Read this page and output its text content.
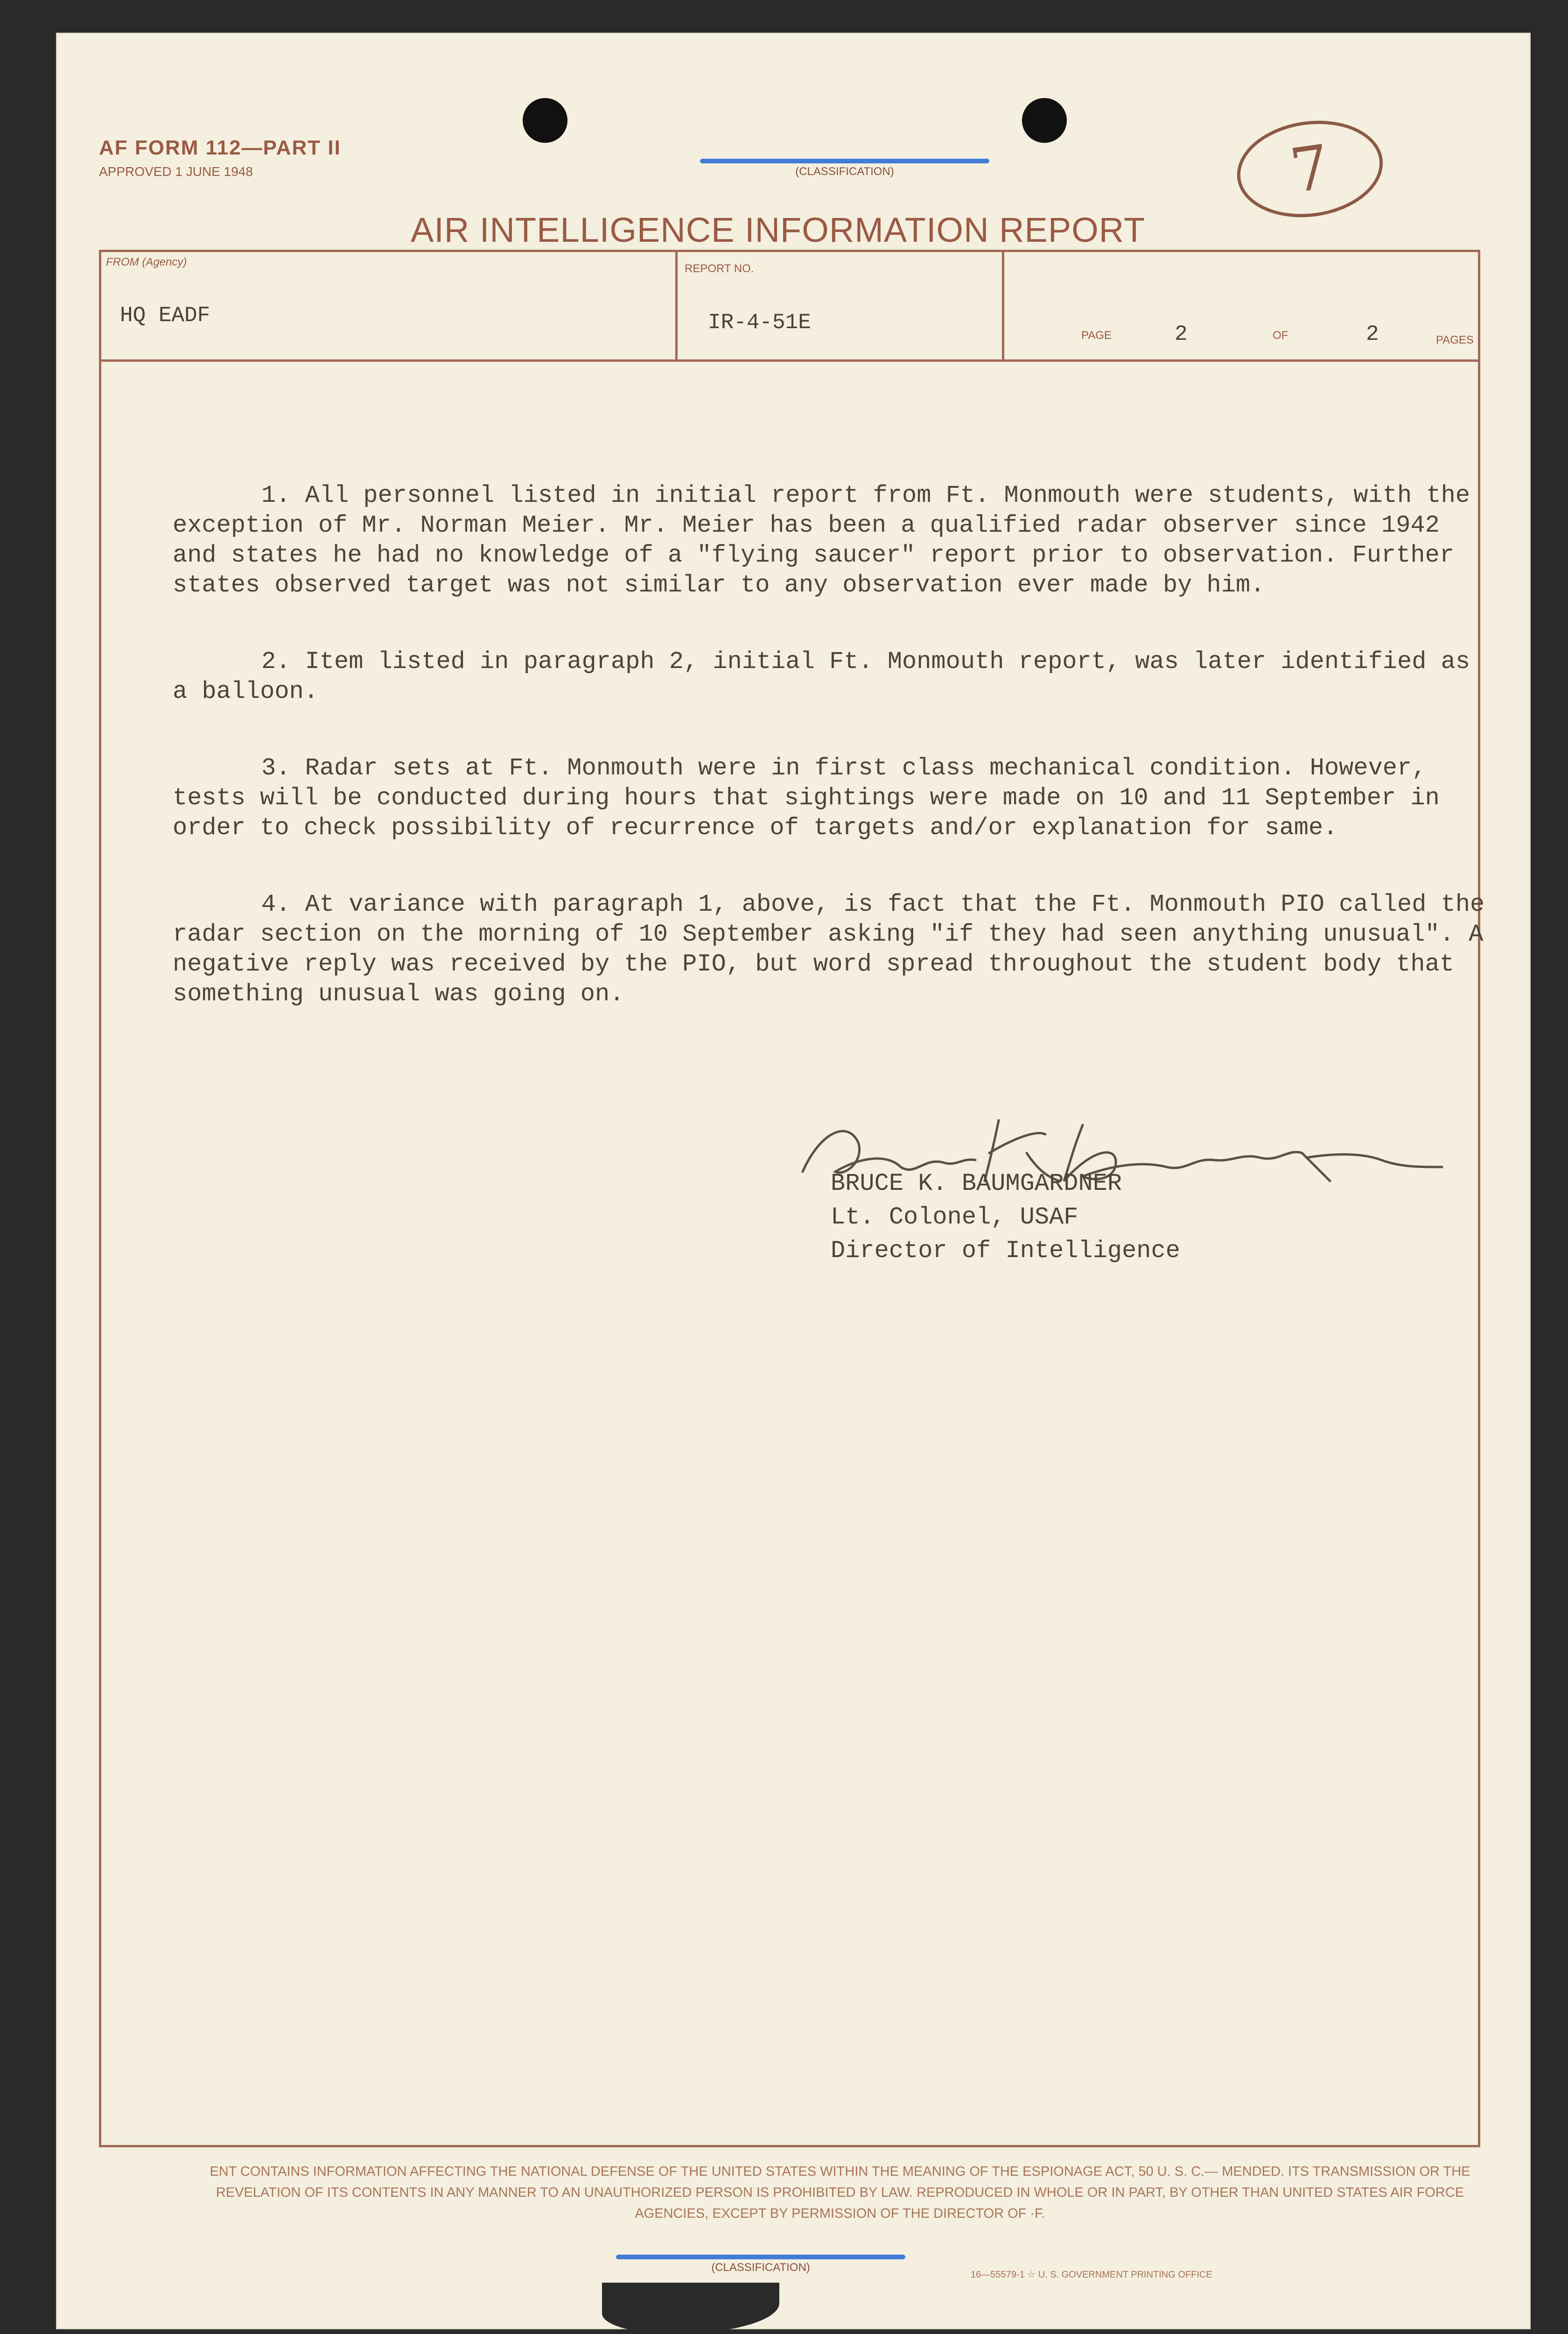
AF FORM 112—PART II
APPROVED 1 JUNE 1948	(CLASSIFICATION)	7
AIR INTELLIGENCE INFORMATION REPORT
FROM (Agency)
HQ EADF
REPORT NO.
IR-4-51E
PAGE	2	OF	2	PAGES

1. All personnel listed in initial report from Ft. Monmouth were students, with the exception of Mr. Norman Meier. Mr. Meier has been a qualified radar observer since 1942 and states he had no knowledge of a "flying saucer" report prior to observation. Further states observed target was not similar to any observation ever made by him.

2. Item listed in paragraph 2, initial Ft. Monmouth report, was later identified as a balloon.

3. Radar sets at Ft. Monmouth were in first class mechanical condition. However, tests will be conducted during hours that sightings were made on 10 and 11 September in order to check possibility of recurrence of targets and/or explanation for same.

4. At variance with paragraph 1, above, is fact that the Ft. Monmouth PIO called the radar section on the morning of 10 September asking "if they had seen anything unusual". A negative reply was received by the PIO, but word spread throughout the student body that something unusual was going on.

BRUCE K. BAUMGARDNER
Lt. Colonel, USAF
Director of Intelligence
ENT CONTAINS INFORMATION AFFECTING THE NATIONAL DEFENSE OF THE UNITED STATES WITHIN THE MEANING OF THE ESPIONAGE ACT, 50 U. S. C.— MENDED. ITS TRANSMISSION OR THE REVELATION OF ITS CONTENTS IN ANY MANNER TO AN UNAUTHORIZED PERSON IS PROHIBITED BY LAW. REPRODUCED IN WHOLE OR IN PART, BY OTHER THAN UNITED STATES AIR FORCE AGENCIES, EXCEPT BY PERMISSION OF THE DIRECTOR OF ·F.
(CLASSIFICATION)
16—55579-1 ☆ U. S. GOVERNMENT PRINTING OFFICE
